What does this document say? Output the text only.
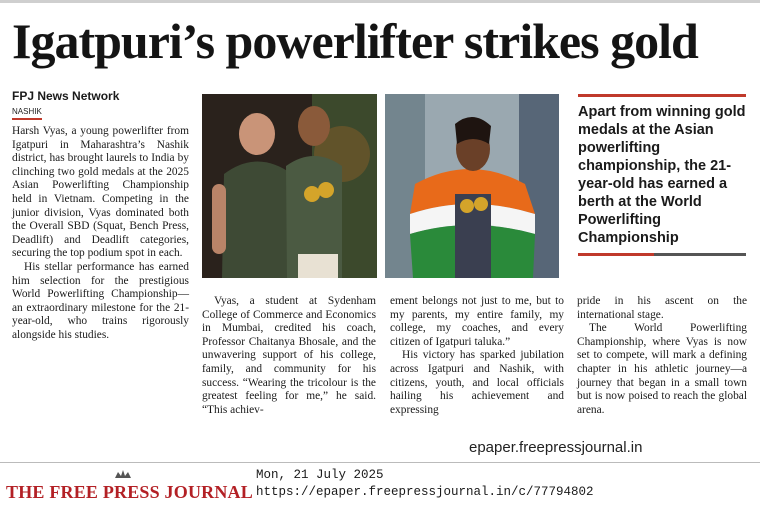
Igatpuri’s powerlifter strikes gold
FPJ News Network
NASHIK

Harsh Vyas, a young powerlifter from Igatpuri in Maharashtra’s Nashik district, has brought laurels to India by clinching two gold medals at the 2025 Asian Powerlifting Championship held in Vietnam. Competing in the junior division, Vyas dominated both the Overall SBD (Squat, Bench Press, Deadlift) and Deadlift categories, securing the top podium spot in each.

His stellar performance has earned him selection for the prestigious World Powerlifting Championship—an extraordinary milestone for the 21-year-old, who trains rigorously alongside his studies.

Apart from winning gold medals at the Asian powerlifting championship, the 21-year-old has earned a berth at the World Powerlifting Championship

Vyas, a student at Sydenham College of Commerce and Economics in Mumbai, credited his coach, Professor Chaitanya Bhosale, and the unwavering support of his college, family, and community for his success. “Wearing the tricolour is the greatest feeling for me,” he said. “This achiev-

ement belongs not just to me, but to my parents, my entire family, my college, my coaches, and every citizen of Igatpuri taluka.”

His victory has sparked jubilation across Igatpuri and Nashik, with citizens, youth, and local officials hailing his achievement and expressing

pride in his ascent on the international stage.

The World Powerlifting Championship, where Vyas is now set to compete, will mark a defining chapter in his athletic journey—a journey that began in a small town but is now poised to reach the global arena.

epaper.freepressjournal.in
THE FREE PRESS JOURNAL
Mon, 21 July 2025
https://epaper.freepressjournal.in/c/77794802
